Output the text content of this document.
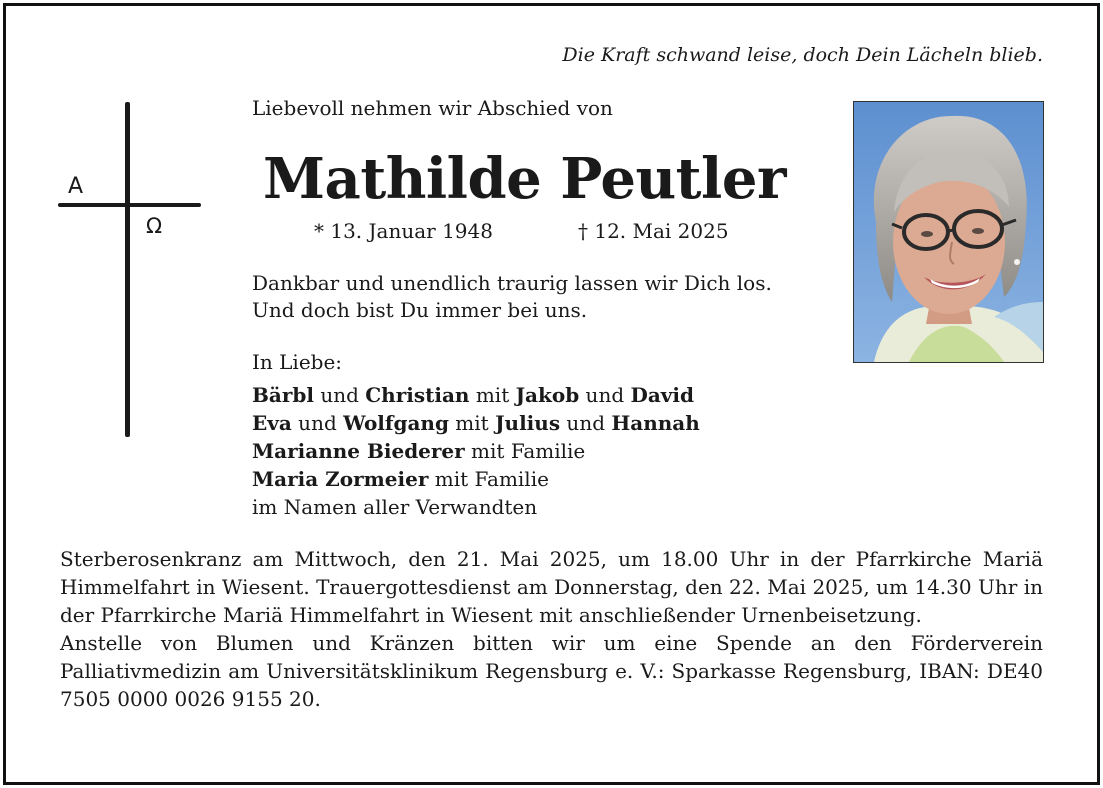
Die Kraft schwand leise, doch Dein Lächeln blieb.
A
Ω
Liebevoll nehmen wir Abschied von
Mathilde Peutler
* 13. Januar 1948	† 12. Mai 2025
Dankbar und unendlich traurig lassen wir Dich los. Und doch bist Du immer bei uns.
In Liebe:
Bärbl und Christian mit Jakob und David
Eva und Wolfgang mit Julius und Hannah
Marianne Biederer mit Familie
Maria Zormeier mit Familie
im Namen aller Verwandten

Sterberosenkranz am Mittwoch, den 21. Mai 2025, um 18.00 Uhr in der Pfarrkirche Mariä Himmelfahrt in Wiesent. Trauergottesdienst am Donnerstag, den 22. Mai 2025, um 14.30 Uhr in der Pfarrkirche Mariä Himmelfahrt in Wiesent mit anschließender Urnenbeisetzung.

Anstelle von Blumen und Kränzen bitten wir um eine Spende an den Förderverein Palliativmedizin am Universitätsklinikum Regensburg e. V.: Sparkasse Regensburg, IBAN: DE40 7505 0000 0026 9155 20.
